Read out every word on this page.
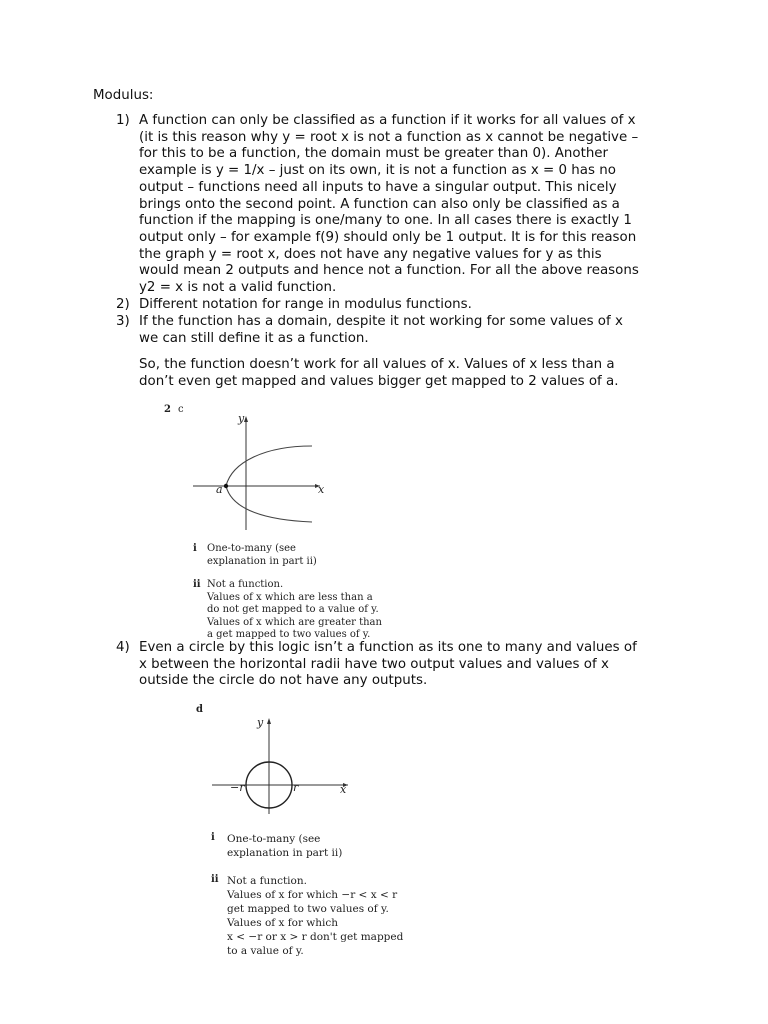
Modulus:
1) A function can only be classified as a function if it works for all values of x
(it is this reason why y = root x is not a function as x cannot be negative –
for this to be a function, the domain must be greater than 0). Another
example is y = 1/x – just on its own, it is not a function as x = 0 has no
output – functions need all inputs to have a singular output. This nicely
brings onto the second point. A function can also only be classified as a
function if the mapping is one/many to one. In all cases there is exactly 1
output only – for example f(9) should only be 1 output. It is for this reason
the graph y = root x, does not have any negative values for y as this
would mean 2 outputs and hence not a function. For all the above reasons
y2 = x is not a valid function.
2) Different notation for range in modulus functions.
3) If the function has a domain, despite it not working for some values of x
we can still define it as a function.
So, the function doesn’t work for all values of x. Values of x less than a
don’t even get mapped and values bigger get mapped to 2 values of a.
2 c
y
x
a
i One-to-many (see
explanation in part ii)
ii Not a function.
Values of x which are less than a
do not get mapped to a value of y.
Values of x which are greater than
a get mapped to two values of y.
4) Even a circle by this logic isn’t a function as its one to many and values of
x between the horizontal radii have two output values and values of x
outside the circle do not have any outputs.
d
y
x
−r	r
i One-to-many (see
explanation in part ii)
ii Not a function.
Values of x for which −r < x < r
get mapped to two values of y.
Values of x for which
x < −r or x > r don't get mapped
to a value of y.
